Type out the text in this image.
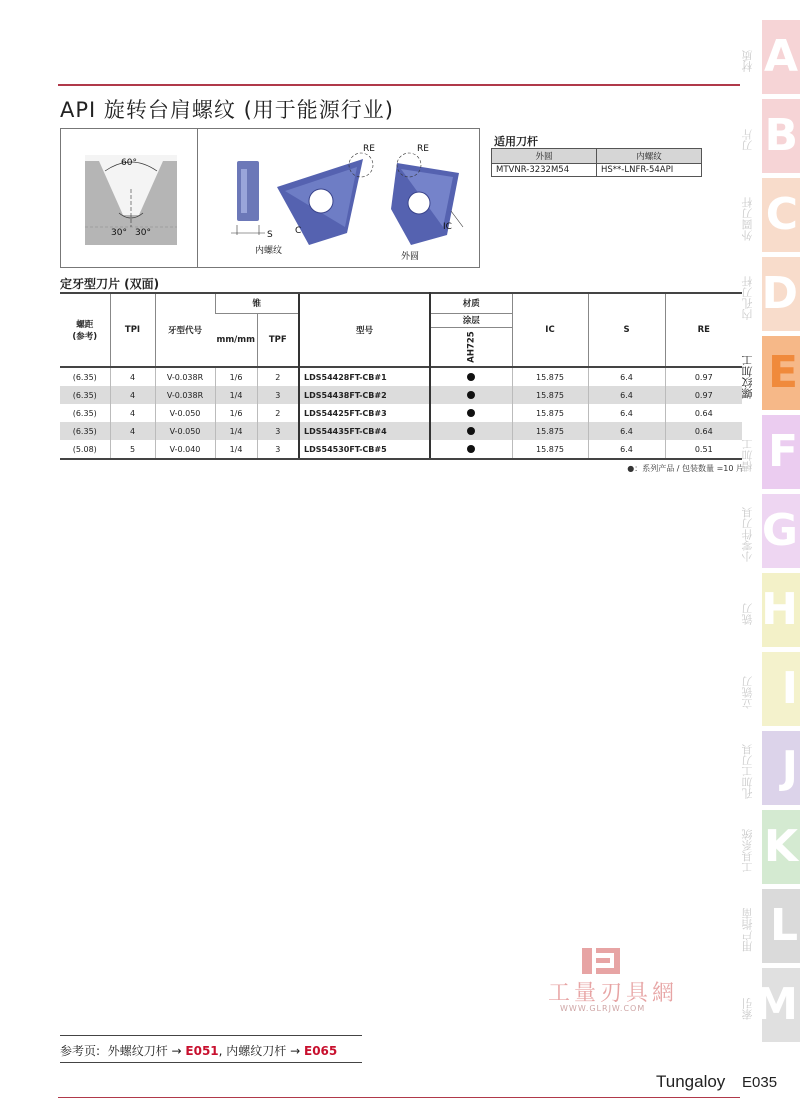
API 旋转台肩螺纹 (用于能源行业)
60°
30° 30°	S
RE
C
内螺纹
RE
IC
外圆
适用刀杆
外圆	内螺纹
MTVNR-3232M54	HS**-LNFR-54API
定牙型刀片 (双面)
螺距
(参考)	TPI	牙型代号	锥		型号	材质	IC	S	RE
			mm/mm	TPF		涂层			
						AH725			
(6.35)	4	V-0.038R	1/6	2	LDS54428FT-CB#1		15.875	6.4	0.97
(6.35)	4	V-0.038R	1/4	3	LDS54438FT-CB#2		15.875	6.4	0.97
(6.35)	4	V-0.050	1/6	2	LDS54425FT-CB#3		15.875	6.4	0.64
(6.35)	4	V-0.050	1/4	3	LDS54435FT-CB#4		15.875	6.4	0.64
(5.08)	5	V-0.040	1/4	3	LDS54530FT-CB#5		15.875	6.4	0.51
●：系列产品 / 包装数量 =10 片
材质 A
刀片 B
外圆刀杆 C
内孔刀杆 D
螺纹加工 E
槽加工 F
小零件刀具 G
铣刀 H
立铣刀 I
孔加工刀具 J
工具系统 K
用户指南 L
索引 M
工量刃具網
WWW.GLRJW.COM
参考页: 外螺纹刀杆 → E051, 内螺纹刀杆 → E065
Tungaloy E035
